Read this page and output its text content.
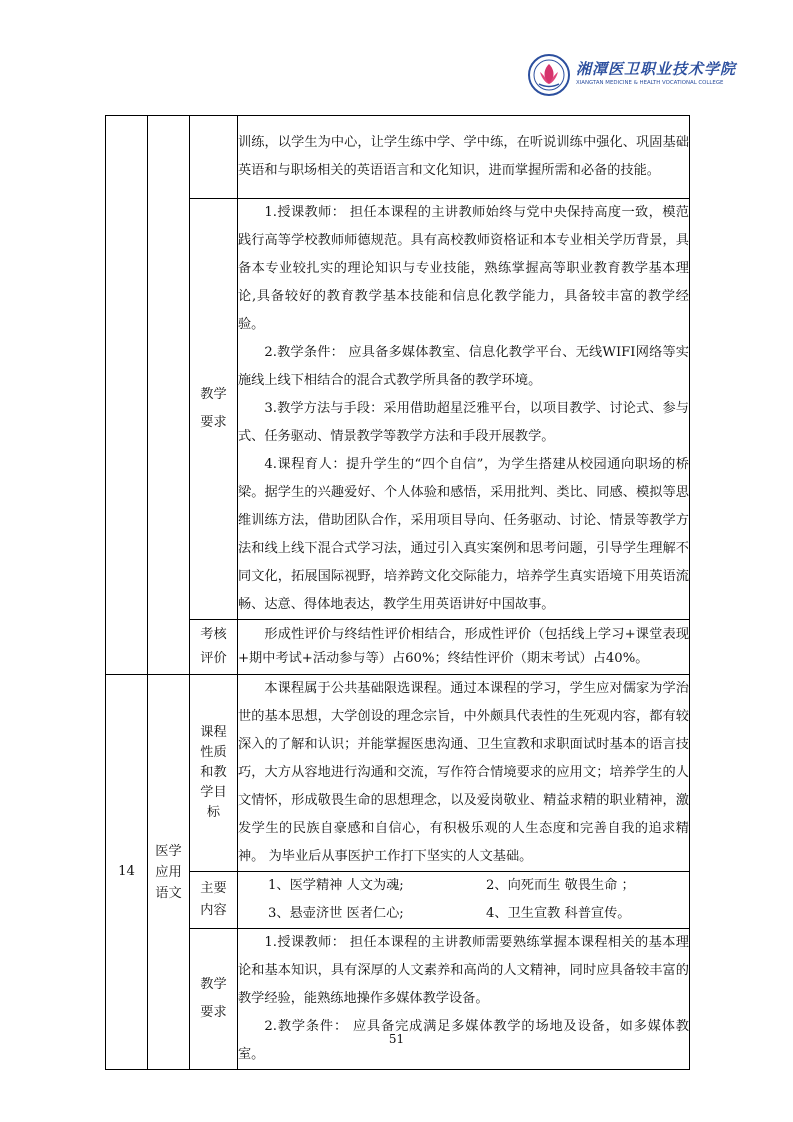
湘潭医卫职业技术学院
XIANGTAN MEDICINE & HEALTH VOCATIONAL COLLEGE

			训练，以学生为中心，让学生练中学、学中练，在听说训练中强化、巩固基础英语和与职场相关的英语语言和文化知识，进而掌握所需和必备的技能。

		教学要求	1.授课教师： 担任本课程的主讲教师始终与党中央保持高度一致，模范践行高等学校教师师德规范。具有高校教师资格证和本专业相关学历背景，具备本专业较扎实的理论知识与专业技能，熟练掌握高等职业教育教学基本理论,具备较好的教育教学基本技能和信息化教学能力，具备较丰富的教学经验。

2.教学条件： 应具备多媒体教室、信息化教学平台、无线WIFI网络等实施线上线下相结合的混合式教学所具备的教学环境。

3.教学方法与手段：采用借助超星泛雅平台，以项目教学、讨论式、参与式、任务驱动、情景教学等教学方法和手段开展教学。

4.课程育人：提升学生的“四个自信”，为学生搭建从校园通向职场的桥梁。据学生的兴趣爱好、个人体验和感悟，采用批判、类比、同感、模拟等思维训练方法，借助团队合作，采用项目导向、任务驱动、讨论、情景等教学方法和线上线下混合式学习法，通过引入真实案例和思考问题，引导学生理解不同文化，拓展国际视野，培养跨文化交际能力，培养学生真实语境下用英语流畅、达意、得体地表达，教学生用英语讲好中国故事。

		考核评价	形成性评价与终结性评价相结合，形成性评价（包括线上学习+课堂表现+期中考试+活动参与等）占60%；终结性评价（期末考试）占40%。

14	医学应用语文	课程性质和教学目标	本课程属于公共基础限选课程。通过本课程的学习，学生应对儒家为学治世的基本思想，大学创设的理念宗旨，中外颇具代表性的生死观内容，都有较深入的了解和认识；并能掌握医患沟通、卫生宣教和求职面试时基本的语言技巧，大方从容地进行沟通和交流，写作符合情境要求的应用文；培养学生的人文情怀，形成敬畏生命的思想理念，以及爱岗敬业、精益求精的职业精神，激发学生的民族自豪感和自信心，有积极乐观的人生态度和完善自我的追求精神。 为毕业后从事医护工作打下坚实的人文基础。

		主要内容	1、医学精神 人文为魂; 2、向死而生 敬畏生命 ；
3、悬壶济世 医者仁心; 4、卫生宣教 科普宣传。

		教学要求	1.授课教师： 担任本课程的主讲教师需要熟练掌握本课程相关的基本理论和基本知识，具有深厚的人文素养和高尚的人文精神，同时应具备较丰富的教学经验，能熟练地操作多媒体教学设备。

2.教学条件： 应具备完成满足多媒体教学的场地及设备，如多媒体教室。

51
